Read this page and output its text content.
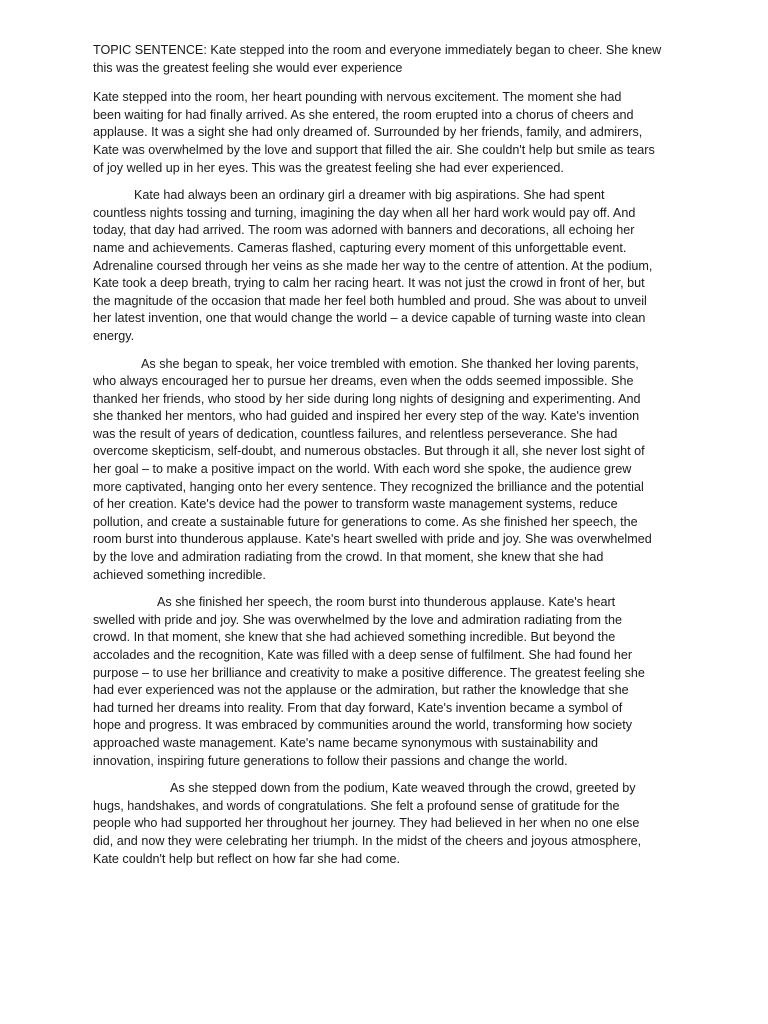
TOPIC SENTENCE: Kate stepped into the room and everyone immediately began to cheer. She knew
this was the greatest feeling she would ever experience
Kate stepped into the room, her heart pounding with nervous excitement. The moment she had
been waiting for had finally arrived. As she entered, the room erupted into a chorus of cheers and
applause. It was a sight she had only dreamed of. Surrounded by her friends, family, and admirers,
Kate was overwhelmed by the love and support that filled the air. She couldn't help but smile as tears
of joy welled up in her eyes. This was the greatest feeling she had ever experienced.
Kate had always been an ordinary girl a dreamer with big aspirations. She had spent
countless nights tossing and turning, imagining the day when all her hard work would pay off. And
today, that day had arrived. The room was adorned with banners and decorations, all echoing her
name and achievements. Cameras flashed, capturing every moment of this unforgettable event.
Adrenaline coursed through her veins as she made her way to the centre of attention. At the podium,
Kate took a deep breath, trying to calm her racing heart. It was not just the crowd in front of her, but
the magnitude of the occasion that made her feel both humbled and proud. She was about to unveil
her latest invention, one that would change the world – a device capable of turning waste into clean
energy.
As she began to speak, her voice trembled with emotion. She thanked her loving parents,
who always encouraged her to pursue her dreams, even when the odds seemed impossible. She
thanked her friends, who stood by her side during long nights of designing and experimenting. And
she thanked her mentors, who had guided and inspired her every step of the way. Kate's invention
was the result of years of dedication, countless failures, and relentless perseverance. She had
overcome skepticism, self-doubt, and numerous obstacles. But through it all, she never lost sight of
her goal – to make a positive impact on the world. With each word she spoke, the audience grew
more captivated, hanging onto her every sentence. They recognized the brilliance and the potential
of her creation. Kate's device had the power to transform waste management systems, reduce
pollution, and create a sustainable future for generations to come. As she finished her speech, the
room burst into thunderous applause. Kate's heart swelled with pride and joy. She was overwhelmed
by the love and admiration radiating from the crowd. In that moment, she knew that she had
achieved something incredible.
As she finished her speech, the room burst into thunderous applause. Kate's heart
swelled with pride and joy. She was overwhelmed by the love and admiration radiating from the
crowd. In that moment, she knew that she had achieved something incredible. But beyond the
accolades and the recognition, Kate was filled with a deep sense of fulfilment. She had found her
purpose – to use her brilliance and creativity to make a positive difference. The greatest feeling she
had ever experienced was not the applause or the admiration, but rather the knowledge that she
had turned her dreams into reality. From that day forward, Kate's invention became a symbol of
hope and progress. It was embraced by communities around the world, transforming how society
approached waste management. Kate's name became synonymous with sustainability and
innovation, inspiring future generations to follow their passions and change the world.
As she stepped down from the podium, Kate weaved through the crowd, greeted by
hugs, handshakes, and words of congratulations. She felt a profound sense of gratitude for the
people who had supported her throughout her journey. They had believed in her when no one else
did, and now they were celebrating her triumph. In the midst of the cheers and joyous atmosphere,
Kate couldn't help but reflect on how far she had come.
